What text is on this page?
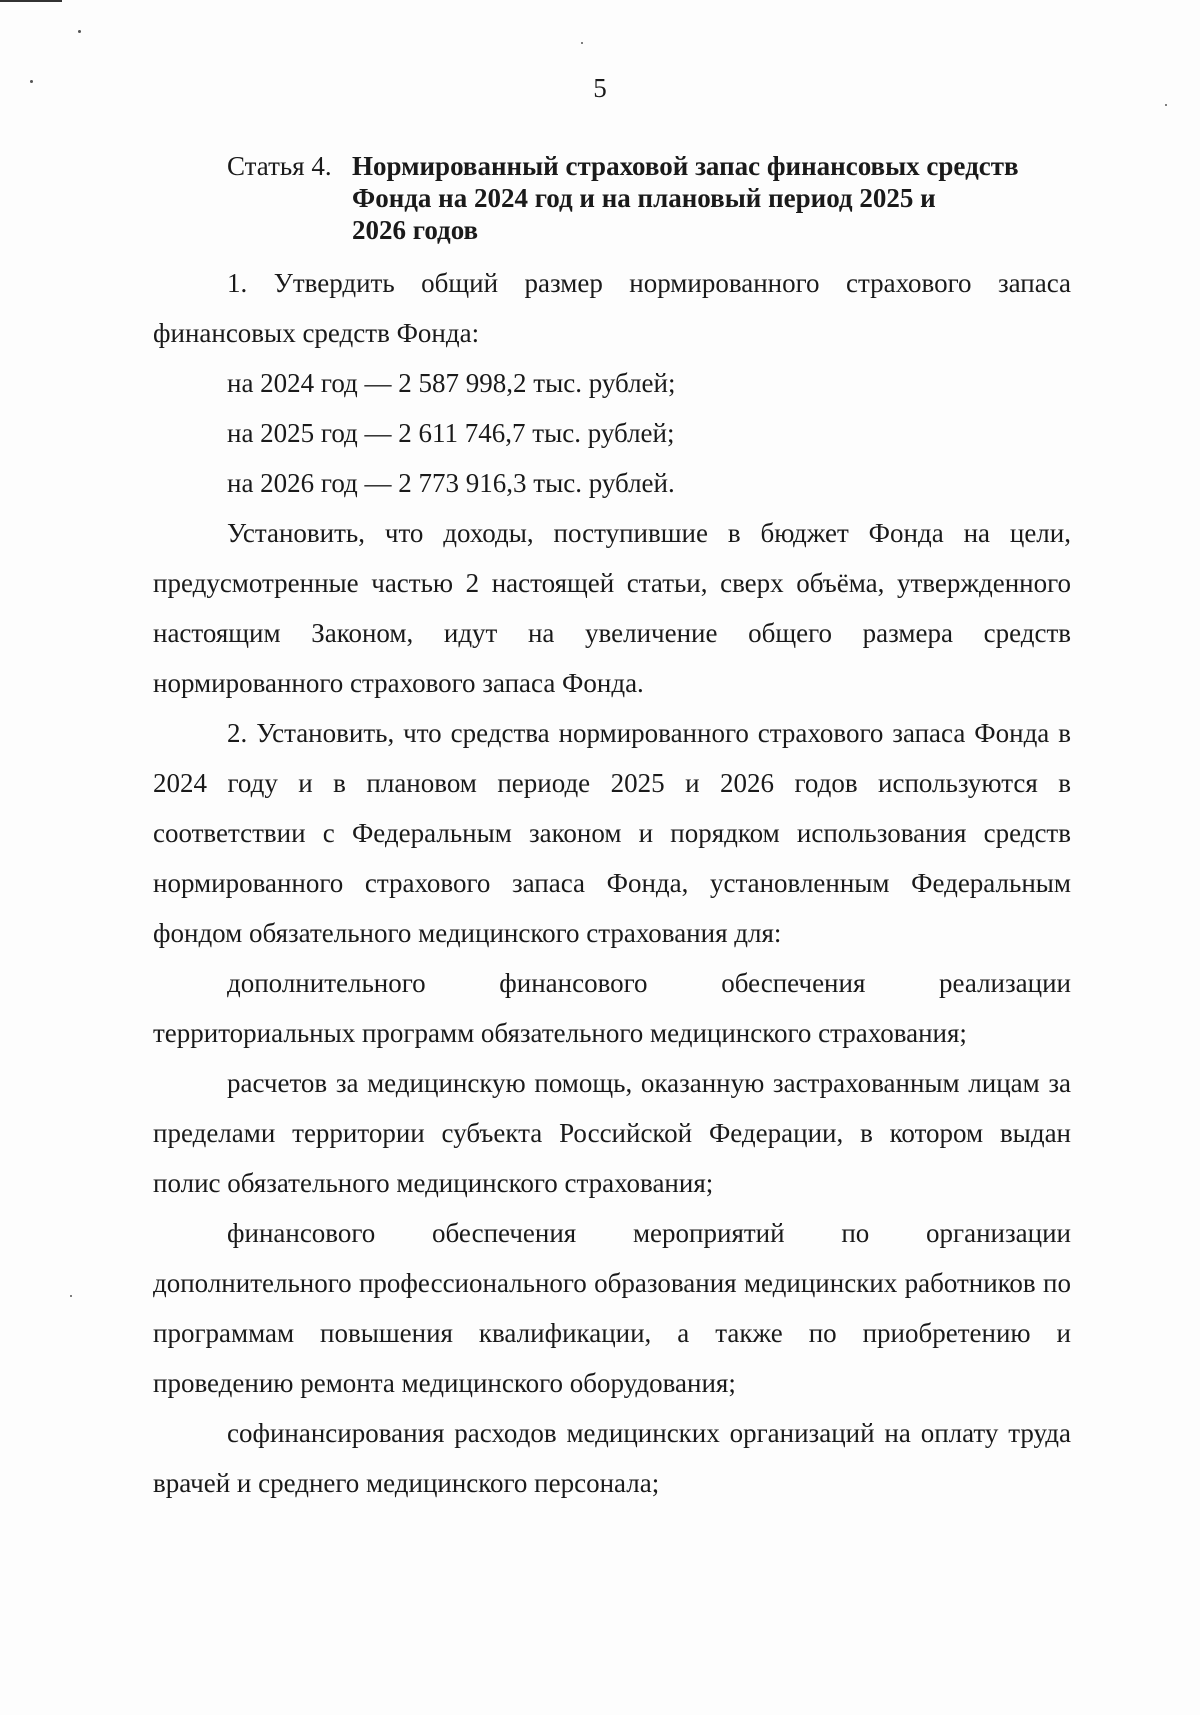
5
Статья 4. Нормированный страховой запас финансовых средств
Фонда на 2024 год и на плановый период 2025 и
2026 годов

1. Утвердить общий размер нормированного страхового запаса финансовых средств Фонда:

на 2024 год — 2 587 998,2 тыс. рублей;

на 2025 год — 2 611 746,7 тыс. рублей;

на 2026 год — 2 773 916,3 тыс. рублей.

Установить, что доходы, поступившие в бюджет Фонда на цели, предусмотренные частью 2 настоящей статьи, сверх объёма, утвержденного настоящим Законом, идут на увеличение общего размера средств нормированного страхового запаса Фонда.

2. Установить, что средства нормированного страхового запаса Фонда в 2024 году и в плановом периоде 2025 и 2026 годов используются в соответствии с Федеральным законом и порядком использования средств нормированного страхового запаса Фонда, установленным Федеральным фондом обязательного медицинского страхования для:

дополнительного финансового обеспечения реализации территориальных программ обязательного медицинского страхования;

расчетов за медицинскую помощь, оказанную застрахованным лицам за пределами территории субъекта Российской Федерации, в котором выдан полис обязательного медицинского страхования;

финансового обеспечения мероприятий по организации дополнительного профессионального образования медицинских работников по программам повышения квалификации, а также по приобретению и проведению ремонта медицинского оборудования;

софинансирования расходов медицинских организаций на оплату труда врачей и среднего медицинского персонала;
